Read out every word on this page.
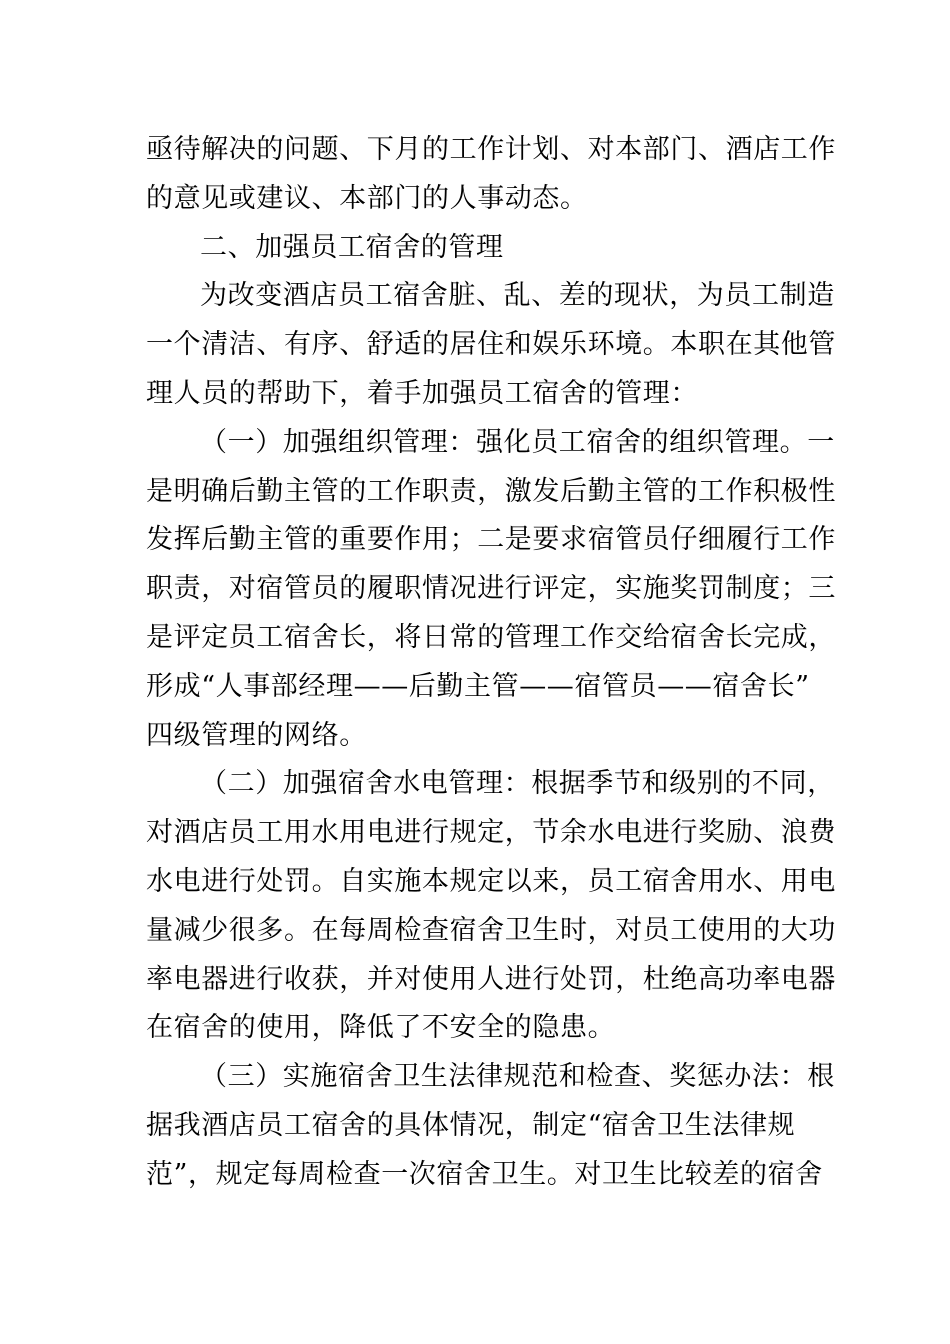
亟待解决的问题、下月的工作计划、对本部门、酒店工作
的意见或建议、本部门的人事动态。
二、加强员工宿舍的管理
为改变酒店员工宿舍脏、乱、差的现状，为员工制造
一个清洁、有序、舒适的居住和娱乐环境。本职在其他管
理人员的帮助下，着手加强员工宿舍的管理：
（一）加强组织管理：强化员工宿舍的组织管理。一
是明确后勤主管的工作职责，激发后勤主管的工作积极性
发挥后勤主管的重要作用；二是要求宿管员仔细履行工作
职责，对宿管员的履职情况进行评定，实施奖罚制度；三
是评定员工宿舍长，将日常的管理工作交给宿舍长完成，
形成“人事部经理——后勤主管——宿管员——宿舍长”
四级管理的网络。
（二）加强宿舍水电管理：根据季节和级别的不同，
对酒店员工用水用电进行规定，节余水电进行奖励、浪费
水电进行处罚。自实施本规定以来，员工宿舍用水、用电
量减少很多。在每周检查宿舍卫生时，对员工使用的大功
率电器进行收获，并对使用人进行处罚，杜绝高功率电器
在宿舍的使用，降低了不安全的隐患。
（三）实施宿舍卫生法律规范和检查、奖惩办法：根
据我酒店员工宿舍的具体情况，制定“宿舍卫生法律规
范”，规定每周检查一次宿舍卫生。对卫生比较差的宿舍
